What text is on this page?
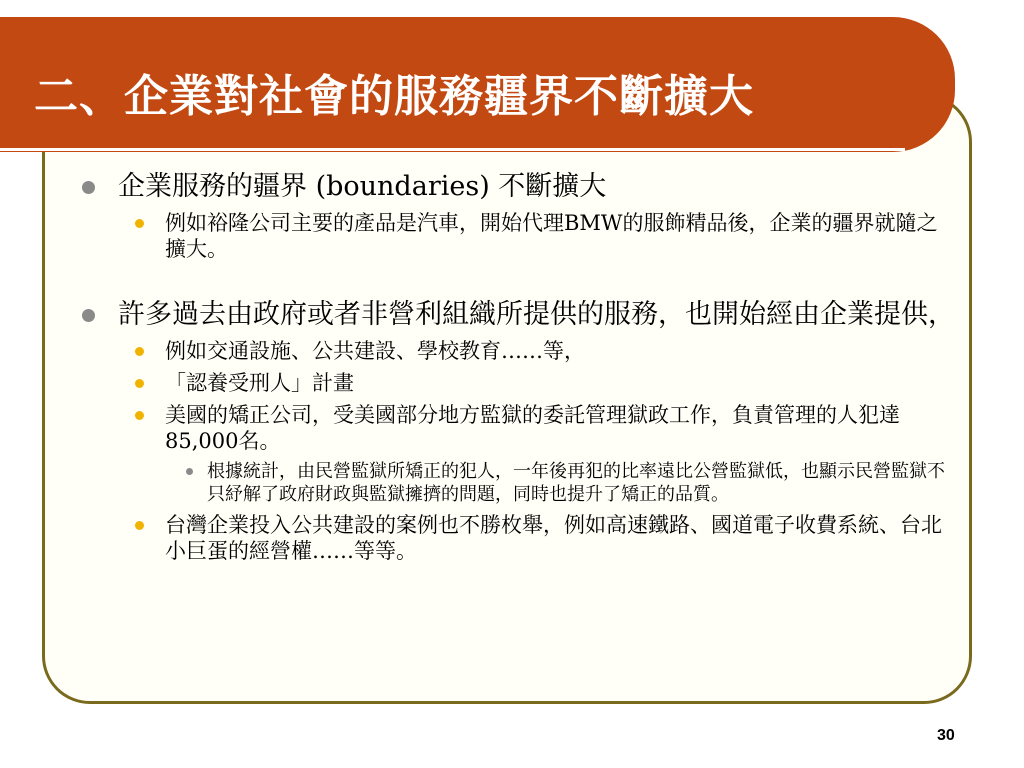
二、企業對社會的服務疆界不斷擴大
企業服務的疆界 (boundaries) 不斷擴大
例如裕隆公司主要的產品是汽車，開始代理BMW的服飾精品後，企業的疆界就隨之擴大。
許多過去由政府或者非營利組織所提供的服務，也開始經由企業提供，
例如交通設施、公共建設、學校教育……等，
「認養受刑人」計畫
美國的矯正公司，受美國部分地方監獄的委託管理獄政工作，負責管理的人犯達85,000名。
根據統計，由民營監獄所矯正的犯人，一年後再犯的比率遠比公營監獄低，也顯示民營監獄不只紓解了政府財政與監獄擁擠的問題，同時也提升了矯正的品質。
台灣企業投入公共建設的案例也不勝枚舉，例如高速鐵路、國道電子收費系統、台北小巨蛋的經營權……等等。
30
